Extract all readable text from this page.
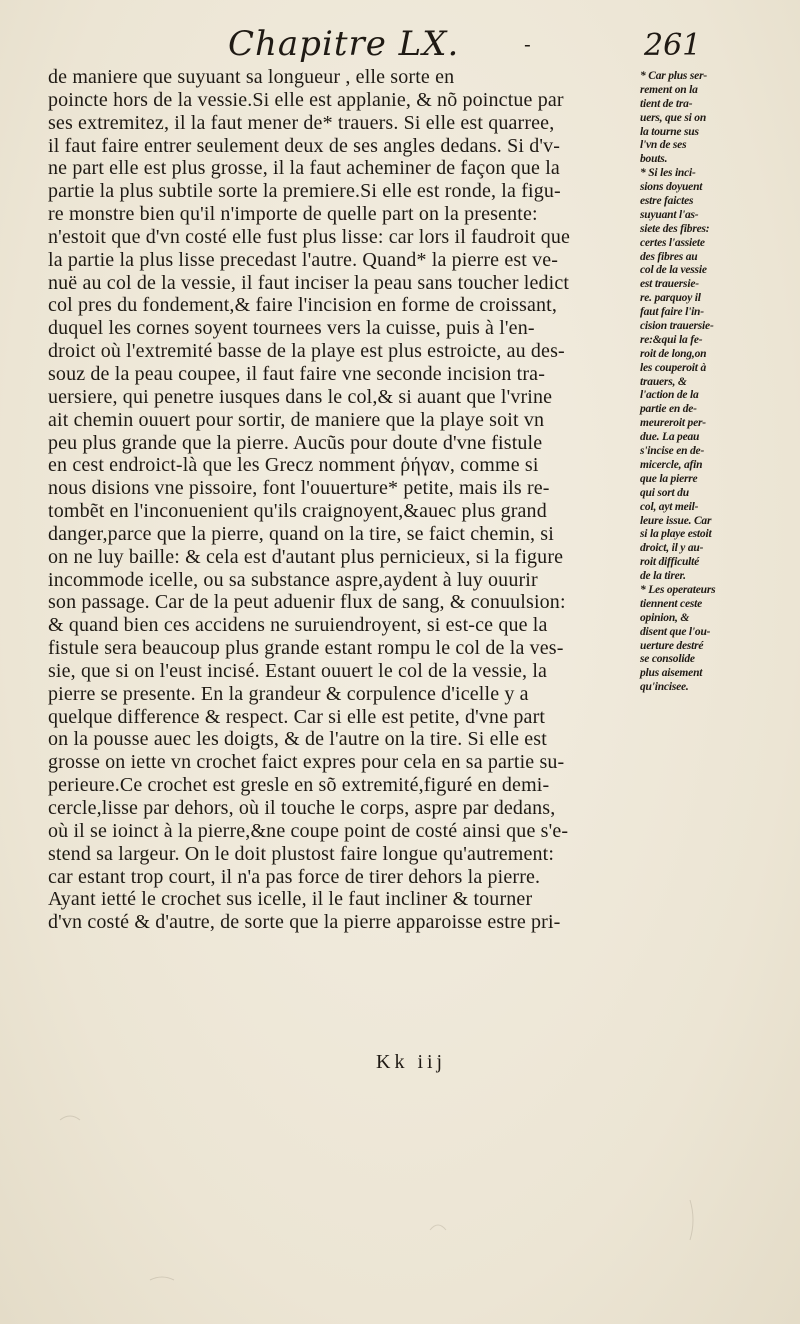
Chapitre LX.	-	261
de maniere que suyuant sa longueur , elle sorte en
poincte hors de la vessie.Si elle est applanie, & nõ poinctue par
ses extremitez, il la faut mener de* trauers. Si elle est quarree,
il faut faire entrer seulement deux de ses angles dedans. Si d'v-
ne part elle est plus grosse, il la faut acheminer de façon que la
partie la plus subtile sorte la premiere.Si elle est ronde, la figu-
re monstre bien qu'il n'importe de quelle part on la presente:
n'estoit que d'vn costé elle fust plus lisse: car lors il faudroit que
la partie la plus lisse precedast l'autre. Quand* la pierre est ve-
nuë au col de la vessie, il faut inciser la peau sans toucher ledict
col pres du fondement,& faire l'incision en forme de croissant,
duquel les cornes soyent tournees vers la cuisse, puis à l'en-
droict où l'extremité basse de la playe est plus estroicte, au des-
souz de la peau coupee, il faut faire vne seconde incision tra-
uersiere, qui penetre iusques dans le col,& si auant que l'vrine
ait chemin ouuert pour sortir, de maniere que la playe soit vn
peu plus grande que la pierre. Aucũs pour doute d'vne fistule
en cest endroict-là que les Grecz nomment ῥήγαν, comme si
nous disions vne pissoire, font l'ouuerture* petite, mais ils re-
tombẽt en l'inconuenient qu'ils craignoyent,&auec plus grand
danger,parce que la pierre, quand on la tire, se faict chemin, si
on ne luy baille: & cela est d'autant plus pernicieux, si la figure
incommode icelle, ou sa substance aspre,aydent à luy ouurir
son passage. Car de la peut aduenir flux de sang, & conuulsion:
& quand bien ces accidens ne suruiendroyent, si est-ce que la
fistule sera beaucoup plus grande estant rompu le col de la ves-
sie, que si on l'eust incisé. Estant ouuert le col de la vessie, la
pierre se presente. En la grandeur & corpulence d'icelle y a
quelque difference & respect. Car si elle est petite, d'vne part
on la pousse auec les doigts, & de l'autre on la tire. Si elle est
grosse on iette vn crochet faict expres pour cela en sa partie su-
perieure.Ce crochet est gresle en sõ extremité,figuré en demi-
cercle,lisse par dehors, où il touche le corps, aspre par dedans,
où il se ioinct à la pierre,&ne coupe point de costé ainsi que s'e-
stend sa largeur. On le doit plustost faire longue qu'autrement:
car estant trop court, il n'a pas force de tirer dehors la pierre.
Ayant ietté le crochet sus icelle, il le faut incliner & tourner
d'vn costé & d'autre, de sorte que la pierre apparoisse estre pri-
* Car plus ser-
rement on la
tient de tra-
uers, que si on
la tourne sus
l'vn de ses
bouts.
* Si les inci-
sions doyuent
estre faictes
suyuant l'as-
siete des fibres:
certes l'assiete
des fibres au
col de la vessie
est trauersie-
re. parquoy il
faut faire l'in-
cision trauersie-
re:&qui la fe-
roit de long,on
les couperoit à
trauers, &
l'action de la
partie en de-
meureroit per-
due. La peau
s'incise en de-
micercle, afin
que la pierre
qui sort du
col, ayt meil-
leure issue. Car
si la playe estoit
droict, il y au-
roit difficulté
de la tirer.
* Les operateurs
tiennent ceste
opinion, &
disent que l'ou-
uerture destré
se consolide
plus aisement
qu'incisee.
Kk iij
